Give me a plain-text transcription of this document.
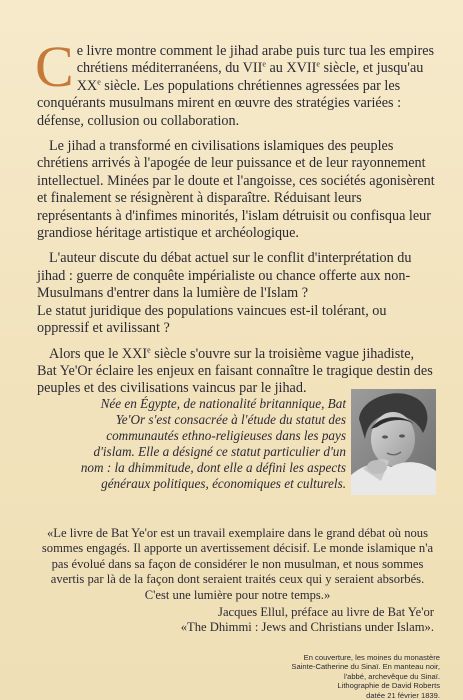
Ce livre montre comment le jihad arabe puis turc tua les empires chrétiens méditerranéens, du VIIe au XVIIe siècle, et jusqu'au XXe siècle. Les populations chrétiennes agressées par les conquérants musulmans mirent en œuvre des stratégies variées : défense, collusion ou collaboration.

Le jihad a transformé en civilisations islamiques des peuples chrétiens arrivés à l'apogée de leur puissance et de leur rayonnement intellectuel. Minées par le doute et l'angoisse, ces sociétés agonisèrent et finalement se résignèrent à disparaître. Réduisant leurs représentants à d'infimes minorités, l'islam détruisit ou confisqua leur grandiose héritage artistique et archéologique.

L'auteur discute du débat actuel sur le conflit d'interprétation du jihad : guerre de conquête impérialiste ou chance offerte aux non-Musulmans d'entrer dans la lumière de l'Islam ?

Le statut juridique des populations vaincues est-il tolérant, ou oppressif et avilissant ?

Alors que le XXIe siècle s'ouvre sur la troisième vague jihadiste, Bat Ye'Or éclaire les enjeux en faisant connaître le tragique destin des peuples et des civilisations vaincus par le jihad.

Née en Égypte, de nationalité britannique, Bat Ye'Or s'est consacrée à l'étude du statut des communautés ethno-religieuses dans les pays d'islam. Elle a désigné ce statut particulier d'un nom : la dhimmitude, dont elle a défini les aspects généraux politiques, économiques et culturels.

«Le livre de Bat Ye'or est un travail exemplaire dans le grand débat où nous sommes engagés. Il apporte un avertissement décisif. Le monde islamique n'a pas évolué dans sa façon de considérer le non musulman, et nous sommes avertis par là de la façon dont seraient traités ceux qui y seraient absorbés. C'est une lumière pour notre temps.»

Jacques Ellul, préface au livre de Bat Ye'or
«The Dhimmi : Jews and Christians under Islam».
En couverture, les moines du monastère
Sainte-Catherine du Sinaï. En manteau noir,
l'abbé, archevêque du Sinaï.
Lithographie de David Roberts
datée 21 février 1839.
